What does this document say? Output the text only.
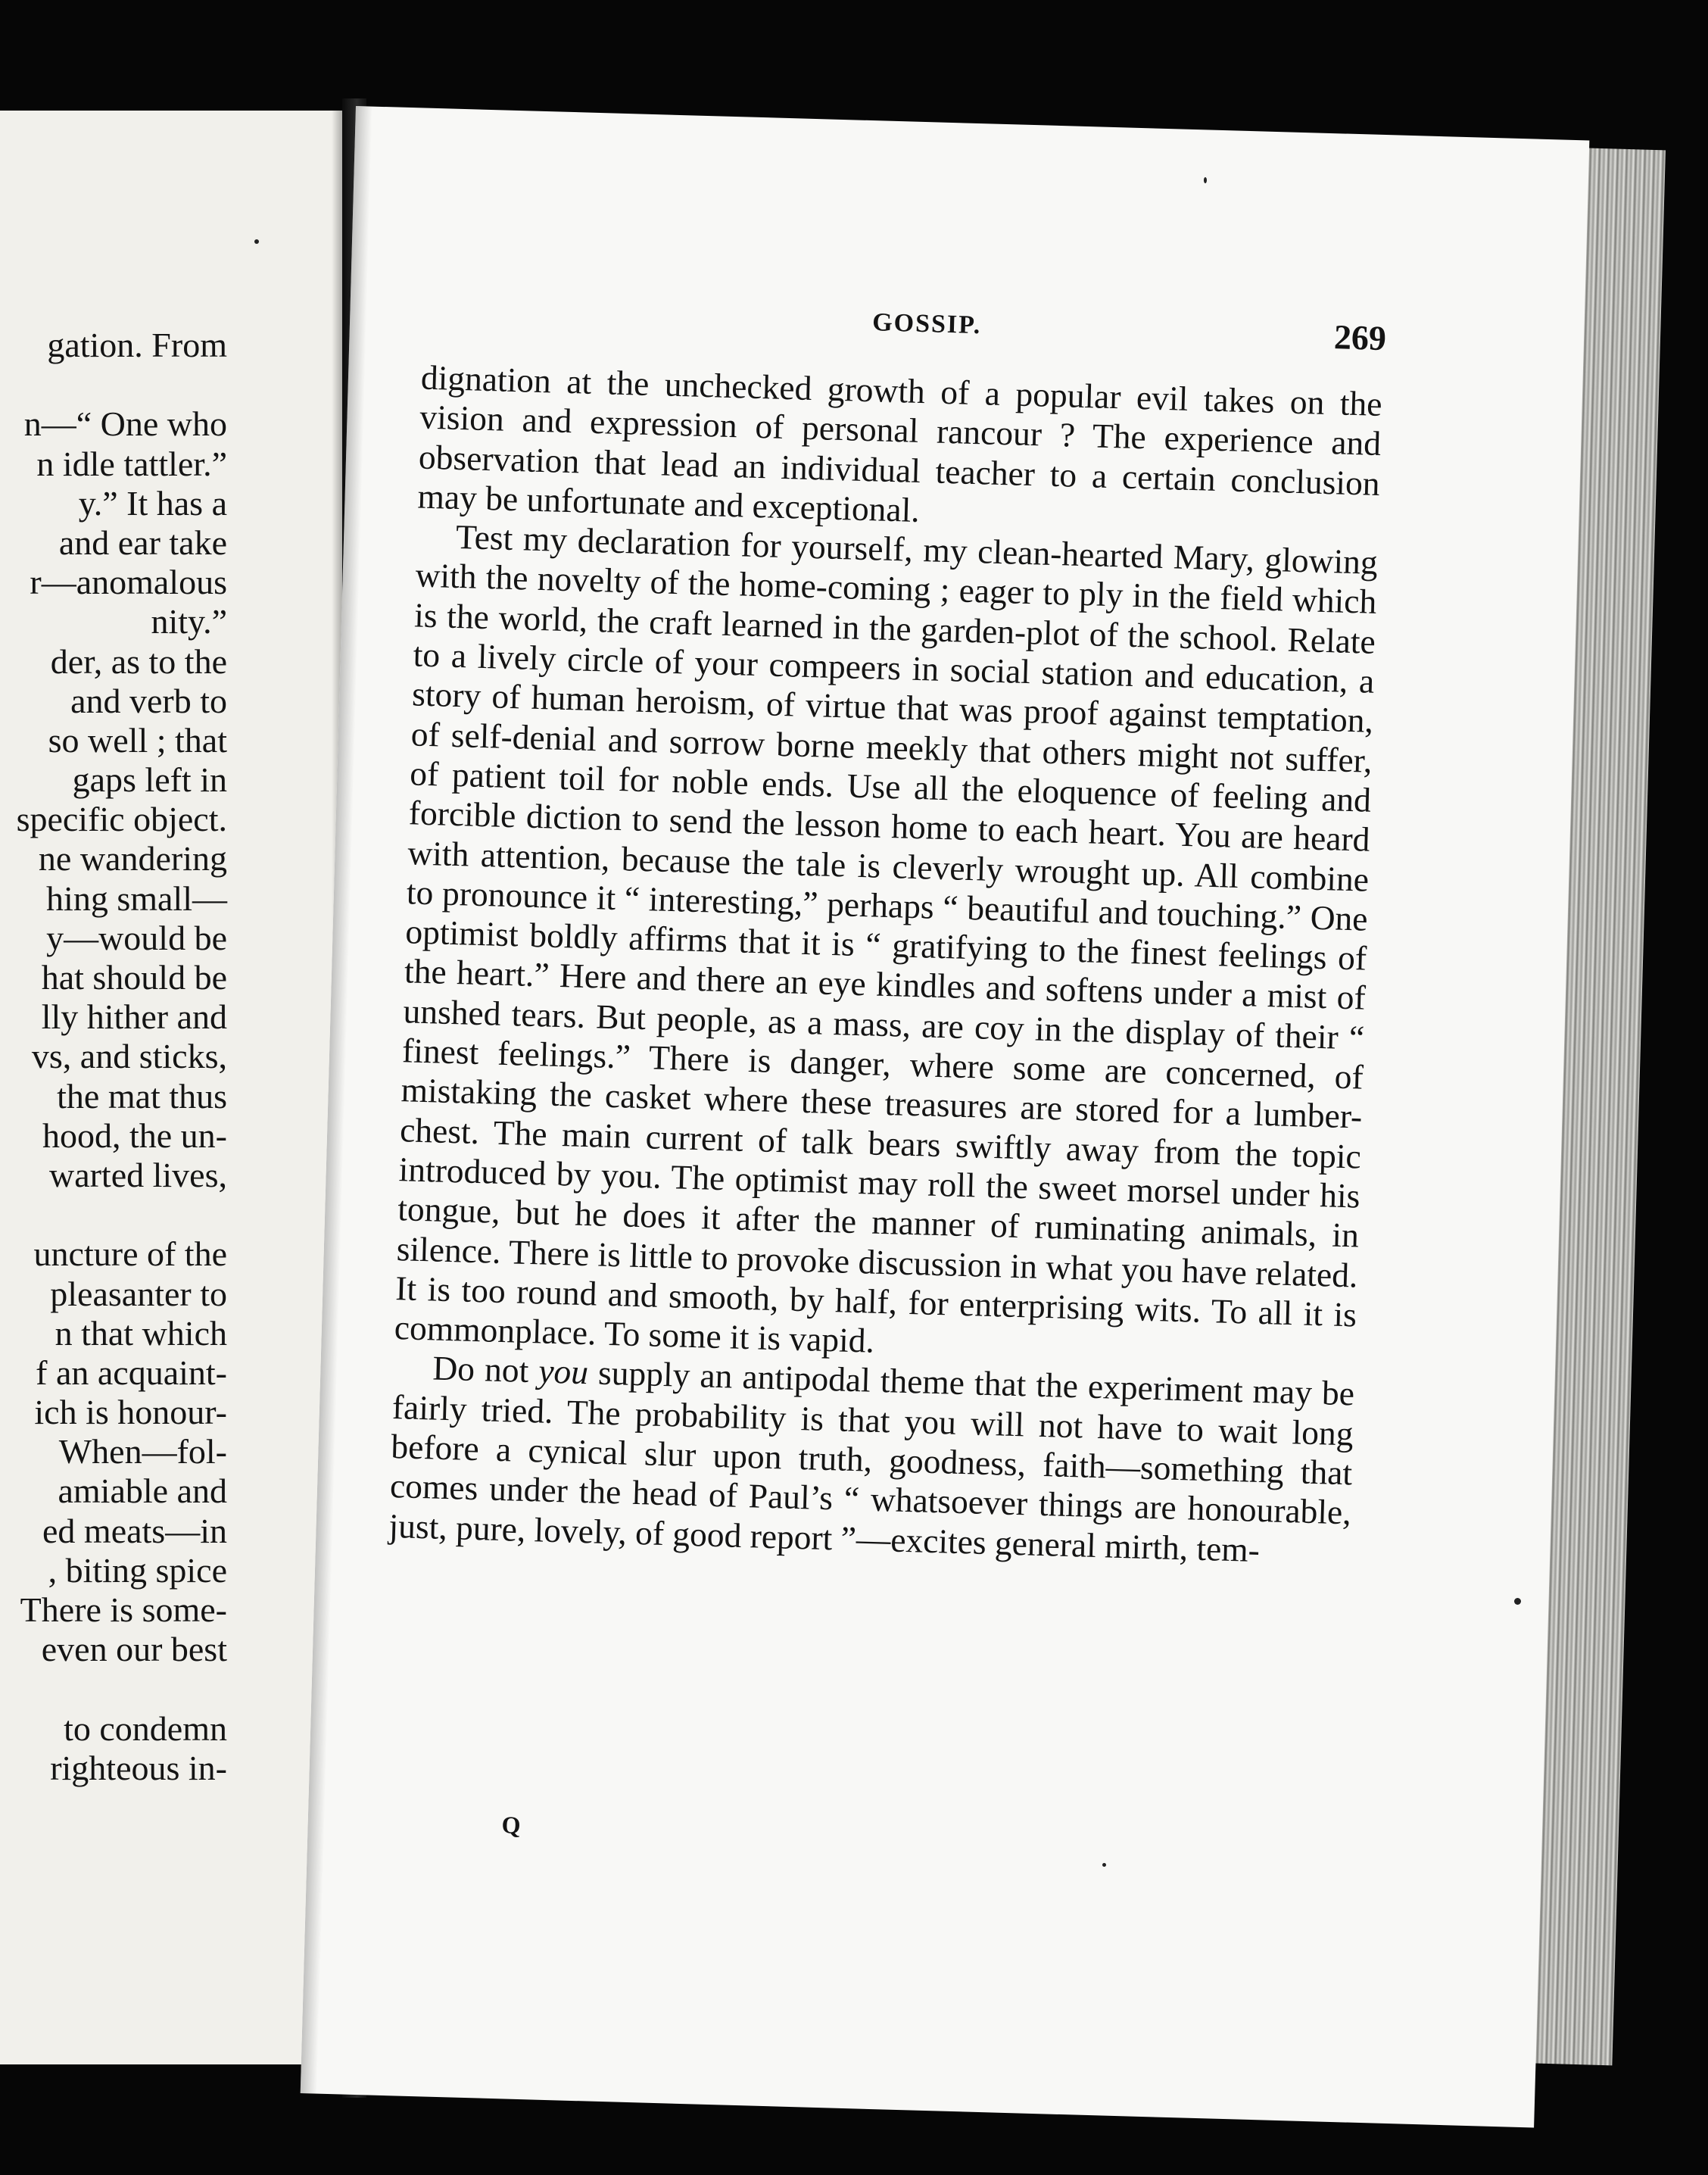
gation. From
n—“ One who
n idle tattler.”
y.” It has a
and ear take
r—anomalous
nity.”
der, as to the
and verb to
so well ; that
gaps left in
specific object.
ne wandering
hing small—
y—would be
hat should be
lly hither and
vs, and sticks,
the mat thus
hood, the un-
warted lives,
uncture of the
pleasanter to
n that which
f an acquaint-
ich is honour-
When—fol-
amiable and
ed meats—in
, biting spice
There is some-
even our best
to condemn
righteous in-
GOSSIP.	269

dignation at the unchecked growth of a popular evil takes on the vision and expression of personal rancour ? The experience and observation that lead an individual teacher to a certain conclusion may be unfortunate and exceptional.

Test my declaration for yourself, my clean-hearted Mary, glowing with the novelty of the home-coming ; eager to ply in the field which is the world, the craft learned in the garden-plot of the school. Relate to a lively circle of your compeers in social station and education, a story of human heroism, of virtue that was proof against temptation, of self-denial and sorrow borne meekly that others might not suffer, of patient toil for noble ends. Use all the eloquence of feeling and forcible diction to send the lesson home to each heart. You are heard with attention, because the tale is cleverly wrought up. All combine to pronounce it “ interesting,” perhaps “ beautiful and touching.” One optimist boldly affirms that it is “ gratifying to the finest feelings of the heart.” Here and there an eye kindles and softens under a mist of unshed tears. But people, as a mass, are coy in the display of their “ finest feelings.” There is danger, where some are concerned, of mistaking the casket where these treasures are stored for a lumber-chest. The main current of talk bears swiftly away from the topic introduced by you. The optimist may roll the sweet morsel under his tongue, but he does it after the manner of ruminating animals, in silence. There is little to provoke discussion in what you have related. It is too round and smooth, by half, for enterprising wits. To all it is commonplace. To some it is vapid.

Do not you supply an antipodal theme that the experiment may be fairly tried. The probability is that you will not have to wait long before a cynical slur upon truth, goodness, faith—something that comes under the head of Paul’s “ whatsoever things are honourable, just, pure, lovely, of good report ”—excites general mirth, tem-

Q
